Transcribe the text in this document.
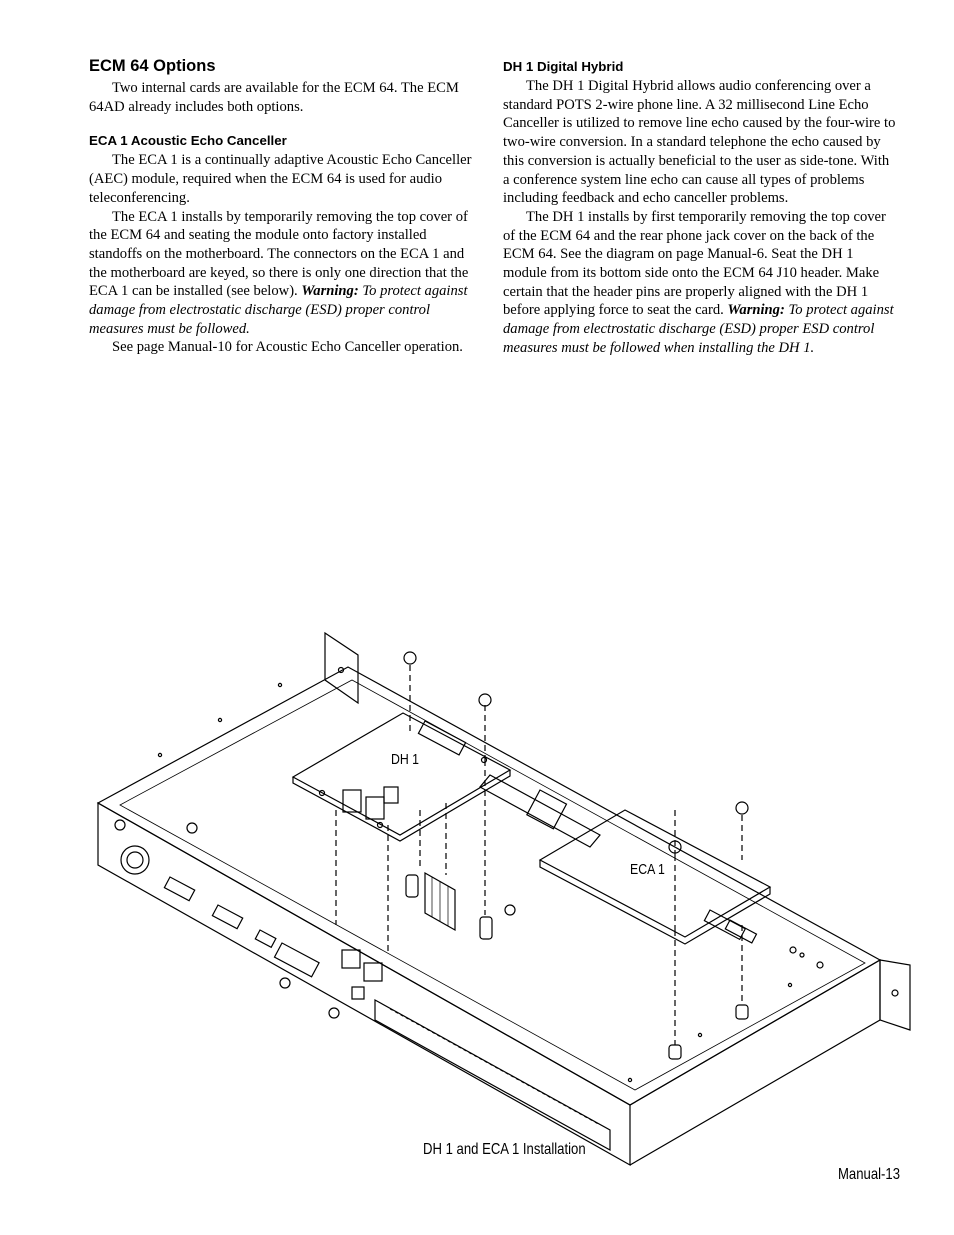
ECM 64 Options

Two internal cards are available for the ECM 64. The ECM 64AD already includes both options.

ECA 1 Acoustic Echo Canceller

The ECA 1 is a continually adaptive Acoustic Echo Canceller (AEC) module, required when the ECM 64 is used for audio teleconferencing.

The ECA 1 installs by temporarily removing the top cover of the ECM 64 and seating the module onto factory installed standoffs on the motherboard. The connectors on the ECA 1 and the motherboard are keyed, so there is only one direction that the ECA 1 can be installed (see below). Warning: To protect against damage from electrostatic discharge (ESD) proper control measures must be followed.

See page Manual-10 for Acoustic Echo Canceller operation.

DH 1 Digital Hybrid

The DH 1 Digital Hybrid allows audio conferencing over a standard POTS 2-wire phone line. A 32 millisecond Line Echo Canceller is utilized to remove line echo caused by the four-wire to two-wire conversion. In a standard telephone the echo caused by this conversion is actually beneficial to the user as side-tone. With a conference system line echo can cause all types of problems including feedback and echo canceller problems.

The DH 1 installs by first temporarily removing the top cover of the ECM 64 and the rear phone jack cover on the back of the ECM 64. See the diagram on page Manual-6. Seat the DH 1 module from its bottom side onto the ECM 64 J10 header. Make certain that the header pins are properly aligned with the DH 1 before applying force to seat the card. Warning: To protect against damage from electrostatic discharge (ESD) proper ESD control measures must be followed when installing the DH 1.

DH 1
ECA 1
DH 1 and ECA 1 Installation
Manual-13
